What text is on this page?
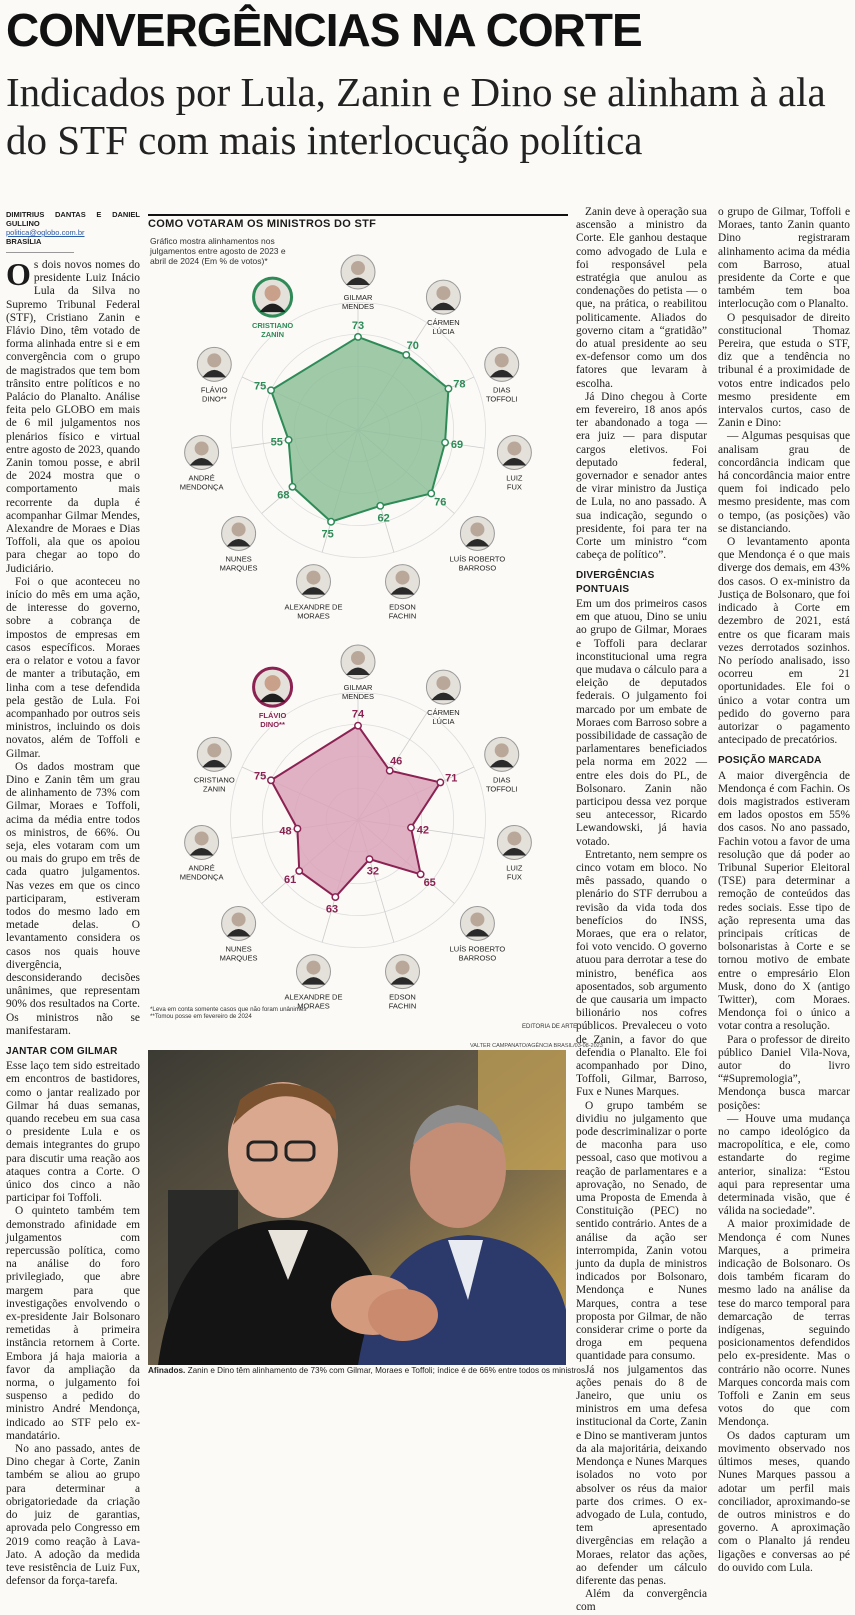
CONVERGÊNCIAS NA CORTE
Indicados por Lula, Zanin e Dino se alinham à ala do STF com mais interlocução política
DIMITRIUS DANTAS E DANIEL GULLINO
politica@oglobo.com.br
BRASÍLIA

Os dois novos nomes do presidente Luiz Inácio Lula da Silva no Supremo Tribunal Federal (STF), Cristiano Zanin e Flávio Dino, têm votado de forma alinhada entre si e em convergência com o grupo de magistrados que tem bom trânsito entre políticos e no Palácio do Planalto. Análise feita pelo GLOBO em mais de 6 mil julgamentos nos plenários físico e virtual entre agosto de 2023, quando Zanin tomou posse, e abril de 2024 mostra que o comportamento mais recorrente da dupla é acompanhar Gilmar Mendes, Alexandre de Moraes e Dias Toffoli, ala que os apoiou para chegar ao topo do Judiciário.

Foi o que aconteceu no início do mês em uma ação, de interesse do governo, sobre a cobrança de impostos de empresas em casos específicos. Moraes era o relator e votou a favor de manter a tributação, em linha com a tese defendida pela gestão de Lula. Foi acompanhado por outros seis ministros, incluindo os dois novatos, além de Toffoli e Gilmar.

Os dados mostram que Dino e Zanin têm um grau de alinhamento de 73% com Gilmar, Moraes e Toffoli, acima da média entre todos os ministros, de 66%. Ou seja, eles votaram com um ou mais do grupo em três de cada quatro julgamentos. Nas vezes em que os cinco participaram, estiveram todos do mesmo lado em metade delas. O levantamento considera os casos nos quais houve divergência, desconsiderando decisões unânimes, que representam 90% dos resultados na Corte. Os ministros não se manifestaram.

JANTAR COM GILMAR

Esse laço tem sido estreitado em encontros de bastidores, como o jantar realizado por Gilmar há duas semanas, quando recebeu em sua casa o presidente Lula e os demais integrantes do grupo para discutir uma reação aos ataques contra a Corte. O único dos cinco a não participar foi Toffoli.

O quinteto também tem demonstrado afinidade em julgamentos com repercussão política, como na análise do foro privilegiado, que abre margem para que investigações envolvendo o ex-presidente Jair Bolsonaro remetidas à primeira instância retornem à Corte. Embora já haja maioria a favor da ampliação da norma, o julgamento foi suspenso a pedido do ministro André Mendonça, indicado ao STF pelo ex-mandatário.

No ano passado, antes de Dino chegar à Corte, Zanin também se aliou ao grupo para determinar a obrigatoriedade da criação do juiz de garantias, aprovada pelo Congresso em 2019 como reação à Lava-Jato. A adoção da medida teve resistência de Luiz Fux, defensor da força-tarefa.

COMO VOTARAM OS MINISTROS DO STF
Gráfico mostra alinhamentos nos julgamentos entre agosto de 2023 e abril de 2024 (Em % de votos)*
73
70
78
69
76
62
75
68
55
75
GILMAR
MENDES
CÁRMEN
LÚCIA
DIAS
TOFFOLI
LUIZ
FUX
LUÍS ROBERTO
BARROSO
EDSON
FACHIN
ALEXANDRE DE
MORAES
NUNES
MARQUES
ANDRÉ
MENDONÇA
FLÁVIO
DINO**
CRISTIANO
ZANIN
74
46
71
42
65
32
63
61
48
75
GILMAR
MENDES
CÁRMEN
LÚCIA
DIAS
TOFFOLI
LUIZ
FUX
LUÍS ROBERTO
BARROSO
EDSON
FACHIN
ALEXANDRE DE
MORAES
NUNES
MARQUES
ANDRÉ
MENDONÇA
CRISTIANO
ZANIN
FLÁVIO
DINO**
*Leva em conta somente casos que não foram unânimes **Tomou posse em fevereiro de 2024
EDITORIA DE ARTE
VALTER CAMPANATO/AGÊNCIA BRASIL/03-08-2023
Afinados. Zanin e Dino têm alinhamento de 73% com Gilmar, Moraes e Toffoli; índice é de 66% entre todos os ministros

Zanin deve à operação sua ascensão a ministro da Corte. Ele ganhou destaque como advogado de Lula e foi responsável pela estratégia que anulou as condenações do petista — o que, na prática, o reabilitou politicamente. Aliados do governo citam a “gratidão” do atual presidente ao seu ex-defensor como um dos fatores que levaram à escolha.

Já Dino chegou à Corte em fevereiro, 18 anos após ter abandonado a toga — era juiz — para disputar cargos eletivos. Foi deputado federal, governador e senador antes de virar ministro da Justiça de Lula, no ano passado. A sua indicação, segundo o presidente, foi para ter na Corte um ministro “com cabeça de político”.

DIVERGÊNCIAS PONTUAIS

Em um dos primeiros casos em que atuou, Dino se uniu ao grupo de Gilmar, Moraes e Toffoli para declarar inconstitucional uma regra que mudava o cálculo para a eleição de deputados federais. O julgamento foi marcado por um embate de Moraes com Barroso sobre a possibilidade de cassação de parlamentares beneficiados pela norma em 2022 — entre eles dois do PL, de Bolsonaro. Zanin não participou dessa vez porque seu antecessor, Ricardo Lewandowski, já havia votado.

Entretanto, nem sempre os cinco votam em bloco. No mês passado, quando o plenário do STF derrubou a revisão da vida toda dos benefícios do INSS, Moraes, que era o relator, foi voto vencido. O governo atuou para derrotar a tese do ministro, benéfica aos aposentados, sob argumento de que causaria um impacto bilionário nos cofres públicos. Prevaleceu o voto de Zanin, a favor do que defendia o Planalto. Ele foi acompanhado por Dino, Toffoli, Gilmar, Barroso, Fux e Nunes Marques.

O grupo também se dividiu no julgamento que pode descriminalizar o porte de maconha para uso pessoal, caso que motivou a reação de parlamentares e a aprovação, no Senado, de uma Proposta de Emenda à Constituição (PEC) no sentido contrário. Antes de a análise da ação ser interrompida, Zanin votou junto da dupla de ministros indicados por Bolsonaro, Mendonça e Nunes Marques, contra a tese proposta por Gilmar, de não considerar crime o porte da droga em pequena quantidade para consumo.

Já nos julgamentos das ações penais do 8 de Janeiro, que uniu os ministros em uma defesa institucional da Corte, Zanin e Dino se mantiveram juntos da ala majoritária, deixando Mendonça e Nunes Marques isolados no voto por absolver os réus da maior parte dos crimes. O ex-advogado de Lula, contudo, tem apresentado divergências em relação a Moraes, relator das ações, ao defender um cálculo diferente das penas.

Além da convergência com

o grupo de Gilmar, Toffoli e Moraes, tanto Zanin quanto Dino registraram alinhamento acima da média com Barroso, atual presidente da Corte e que também tem boa interlocução com o Planalto.

O pesquisador de direito constitucional Thomaz Pereira, que estuda o STF, diz que a tendência no tribunal é a proximidade de votos entre indicados pelo mesmo presidente em intervalos curtos, caso de Zanin e Dino:

— Algumas pesquisas que analisam grau de concordância indicam que há concordância maior entre quem foi indicado pelo mesmo presidente, mas com o tempo, (as posições) vão se distanciando.

O levantamento aponta que Mendonça é o que mais diverge dos demais, em 43% dos casos. O ex-ministro da Justiça de Bolsonaro, que foi indicado à Corte em dezembro de 2021, está entre os que ficaram mais vezes derrotados sozinhos. No período analisado, isso ocorreu em 21 oportunidades. Ele foi o único a votar contra um pedido do governo para autorizar o pagamento antecipado de precatórios.

POSIÇÃO MARCADA

A maior divergência de Mendonça é com Fachin. Os dois magistrados estiveram em lados opostos em 55% dos casos. No ano passado, Fachin votou a favor de uma resolução que dá poder ao Tribunal Superior Eleitoral (TSE) para determinar a remoção de conteúdos das redes sociais. Esse tipo de ação representa uma das principais críticas de bolsonaristas à Corte e se tornou motivo de embate entre o empresário Elon Musk, dono do X (antigo Twitter), com Moraes. Mendonça foi o único a votar contra a resolução.

Para o professor de direito público Daniel Vila-Nova, autor do livro “#Supremologia”, Mendonça busca marcar posições:

— Houve uma mudança no campo ideológico da macropolítica, e ele, como estandarte do regime anterior, sinaliza: “Estou aqui para representar uma determinada visão, que é válida na sociedade”.

A maior proximidade de Mendonça é com Nunes Marques, a primeira indicação de Bolsonaro. Os dois também ficaram do mesmo lado na análise da tese do marco temporal para demarcação de terras indígenas, seguindo posicionamentos defendidos pelo ex-presidente. Mas o contrário não ocorre. Nunes Marques concorda mais com Toffoli e Zanin em seus votos do que com Mendonça.

Os dados capturam um movimento observado nos últimos meses, quando Nunes Marques passou a adotar um perfil mais conciliador, aproximando-se de outros ministros e do governo. A aproximação com o Planalto já rendeu ligações e conversas ao pé do ouvido com Lula.
